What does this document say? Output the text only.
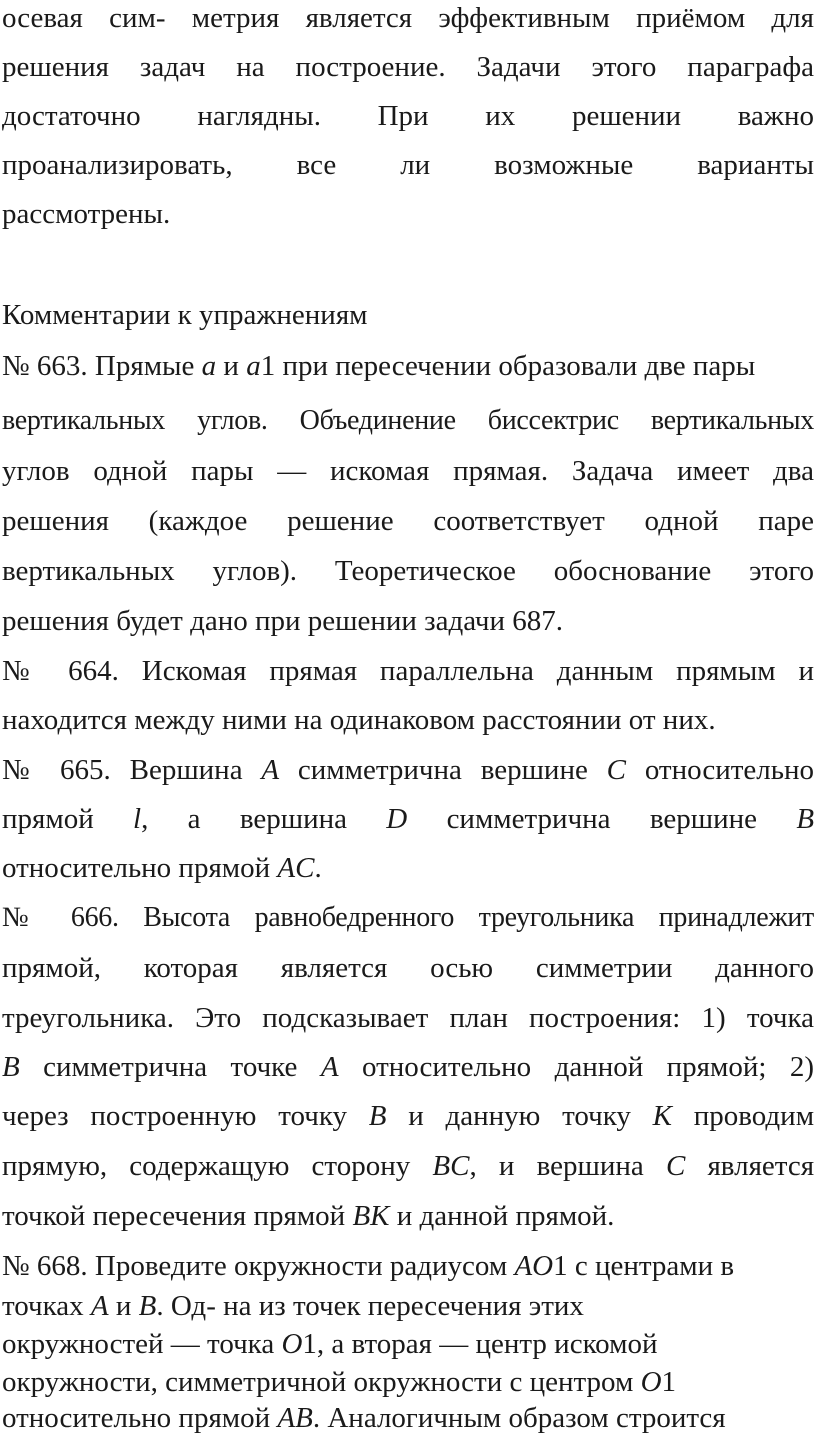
осевая сим- метрия является эффективным приёмом для
решения задач на построение. Задачи этого параграфа
достаточно наглядны. При их решении важно
проанализировать, все ли возможные варианты
рассмотрены.
Комментарии к упражнениям
№ 663. Прямые a и a1 при пересечении образовали две пары
вертикальных углов. Объединение биссектрис вертикальных
углов одной пары — искомая прямая. Задача имеет два
решения (каждое решение соответствует одной паре
вертикальных углов). Теоретическое обоснование этого
решения будет дано при решении задачи 687.
№ 664. Искомая прямая параллельна данным прямым и
находится между ними на одинаковом расстоянии от них.
№ 665. Вершина A симметрична вершине C относительно
прямой l, а вершина D симметрична вершине B
относительно прямой AC.
№ 666. Высота равнобедренного треугольника принадлежит
прямой, которая является осью симметрии данного
треугольника. Это подсказывает план построения: 1) точка
B симметрична точке A относительно данной прямой; 2)
через построенную точку B и данную точку K проводим
прямую, содержащую сторону BC, и вершина C является
точкой пересечения прямой BK и данной прямой.
№ 668. Проведите окружности радиусом AO1 с центрами в
точках A и B. Од- на из точек пересечения этих
окружностей — точка O1, а вторая — центр искомой
окружности, симметричной окружности с центром O1
относительно прямой AB. Аналогичным образом строится
